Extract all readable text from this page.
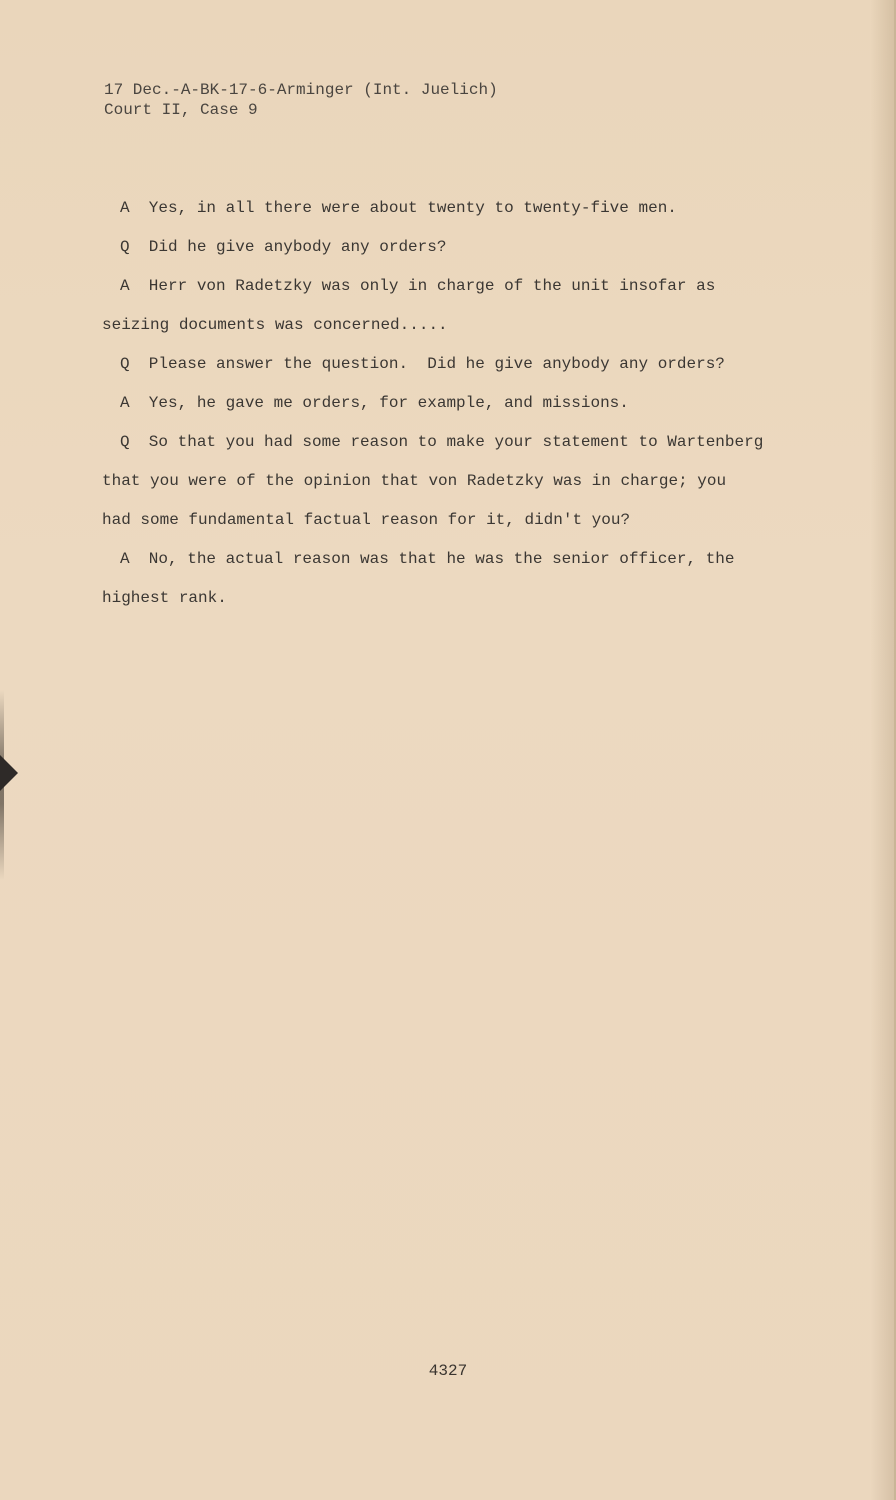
17 Dec.-A-BK-17-6-Arminger (Int. Juelich)
Court II, Case 9
A  Yes, in all there were about twenty to twenty-five men.
Q  Did he give anybody any orders?
A  Herr von Radetzky was only in charge of the unit insofar as
seizing documents was concerned.....
Q  Please answer the question.  Did he give anybody any orders?
A  Yes, he gave me orders, for example, and missions.
Q  So that you had some reason to make your statement to Wartenberg
that you were of the opinion that von Radetzky was in charge; you
had some fundamental factual reason for it, didn't you?
A  No, the actual reason was that he was the senior officer, the
highest rank.
4327
